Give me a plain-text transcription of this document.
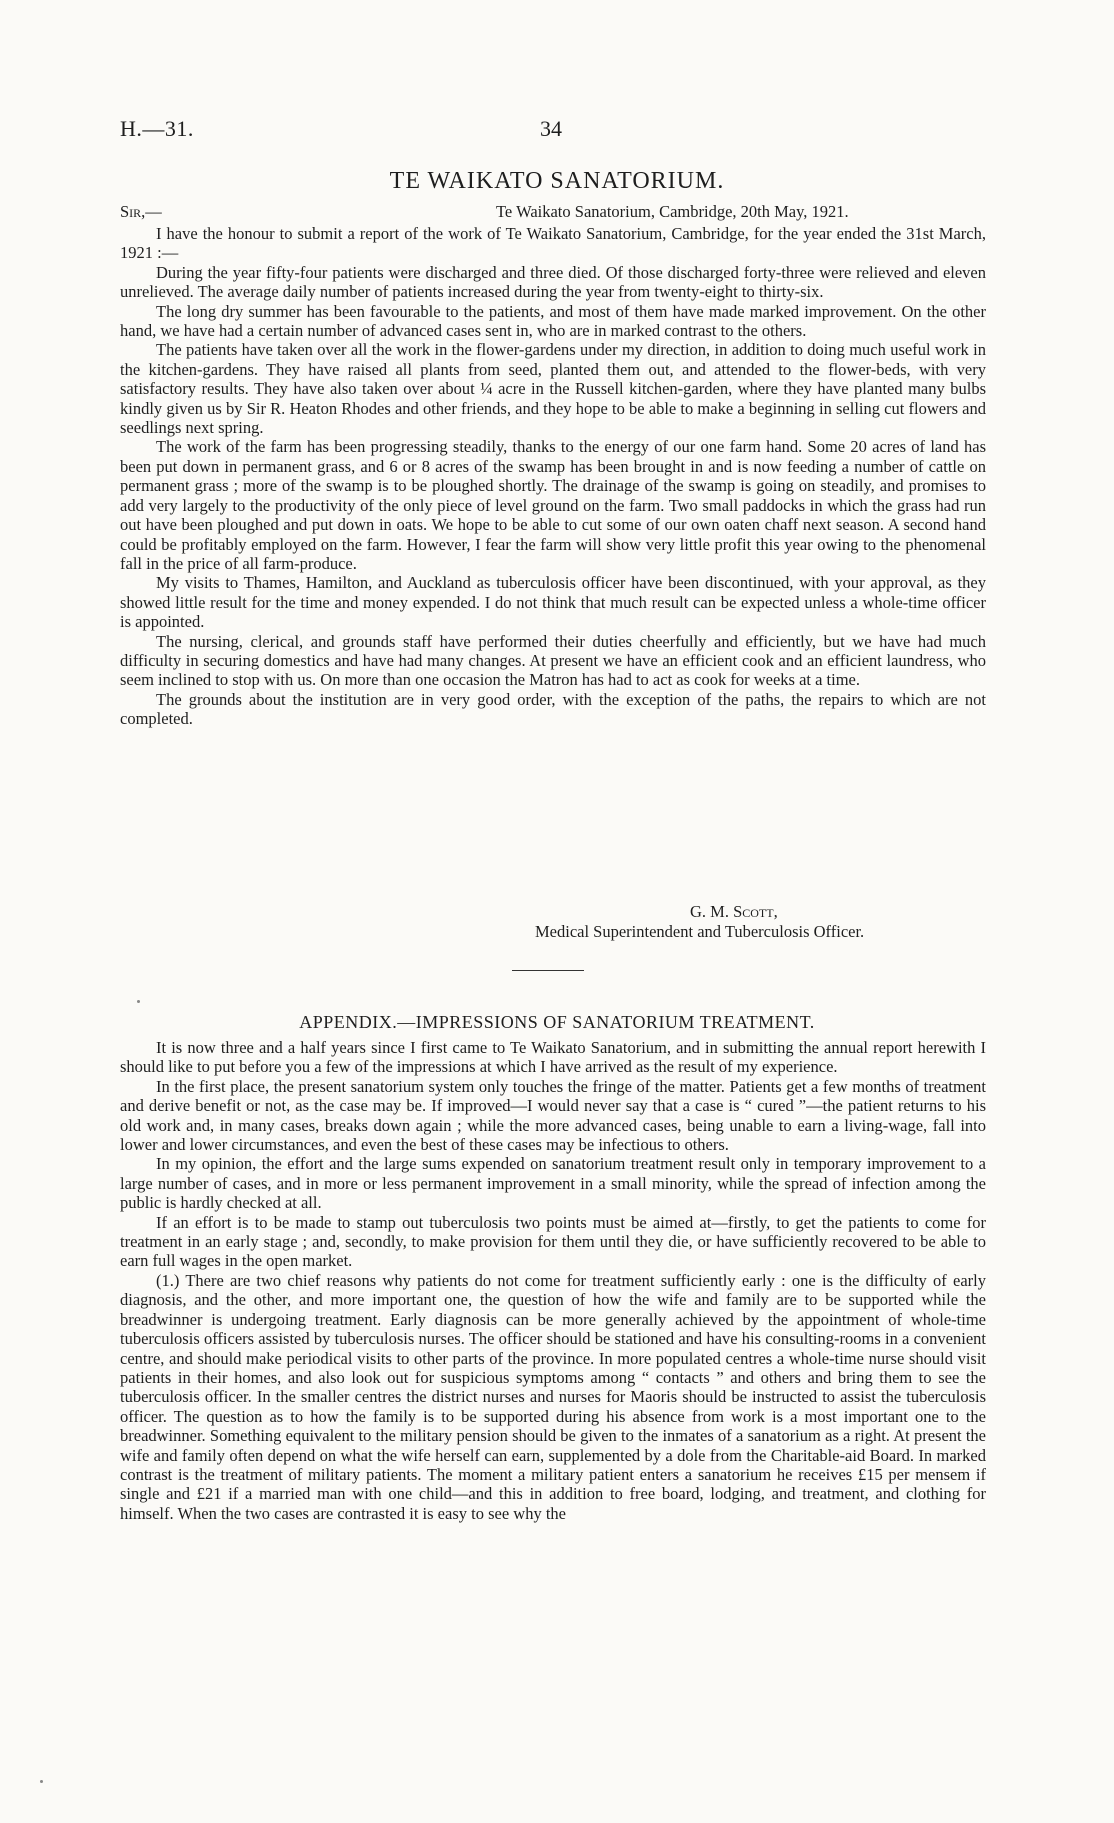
H.—31.	34
TE WAIKATO SANATORIUM.
Sir,—	Te Waikato Sanatorium, Cambridge, 20th May, 1921.

I have the honour to submit a report of the work of Te Waikato Sanatorium, Cambridge, for the year ended the 31st March, 1921 :—

During the year fifty-four patients were discharged and three died. Of those discharged forty-three were relieved and eleven unrelieved. The average daily number of patients increased during the year from twenty-eight to thirty-six.

The long dry summer has been favourable to the patients, and most of them have made marked improvement. On the other hand, we have had a certain number of advanced cases sent in, who are in marked contrast to the others.

The patients have taken over all the work in the flower-gardens under my direction, in addition to doing much useful work in the kitchen-gardens. They have raised all plants from seed, planted them out, and attended to the flower-beds, with very satisfactory results. They have also taken over about ¼ acre in the Russell kitchen-garden, where they have planted many bulbs kindly given us by Sir R. Heaton Rhodes and other friends, and they hope to be able to make a beginning in selling cut flowers and seedlings next spring.

The work of the farm has been progressing steadily, thanks to the energy of our one farm hand. Some 20 acres of land has been put down in permanent grass, and 6 or 8 acres of the swamp has been brought in and is now feeding a number of cattle on permanent grass ; more of the swamp is to be ploughed shortly. The drainage of the swamp is going on steadily, and promises to add very largely to the productivity of the only piece of level ground on the farm. Two small paddocks in which the grass had run out have been ploughed and put down in oats. We hope to be able to cut some of our own oaten chaff next season. A second hand could be profitably employed on the farm. However, I fear the farm will show very little profit this year owing to the phenomenal fall in the price of all farm-produce.

My visits to Thames, Hamilton, and Auckland as tuberculosis officer have been discontinued, with your approval, as they showed little result for the time and money expended. I do not think that much result can be expected unless a whole-time officer is appointed.

The nursing, clerical, and grounds staff have performed their duties cheerfully and efficiently, but we have had much difficulty in securing domestics and have had many changes. At present we have an efficient cook and an efficient laundress, who seem inclined to stop with us. On more than one occasion the Matron has had to act as cook for weeks at a time.

The grounds about the institution are in very good order, with the exception of the paths, the repairs to which are not completed.

G. M. Scott,
Medical Superintendent and Tuberculosis Officer.
APPENDIX.—IMPRESSIONS OF SANATORIUM TREATMENT.

It is now three and a half years since I first came to Te Waikato Sanatorium, and in submitting the annual report herewith I should like to put before you a few of the impressions at which I have arrived as the result of my experience.

In the first place, the present sanatorium system only touches the fringe of the matter. Patients get a few months of treatment and derive benefit or not, as the case may be. If improved—I would never say that a case is “ cured ”—the patient returns to his old work and, in many cases, breaks down again ; while the more advanced cases, being unable to earn a living-wage, fall into lower and lower circumstances, and even the best of these cases may be infectious to others.

In my opinion, the effort and the large sums expended on sanatorium treatment result only in temporary improvement to a large number of cases, and in more or less permanent improvement in a small minority, while the spread of infection among the public is hardly checked at all.

If an effort is to be made to stamp out tuberculosis two points must be aimed at—firstly, to get the patients to come for treatment in an early stage ; and, secondly, to make provision for them until they die, or have sufficiently recovered to be able to earn full wages in the open market.

(1.) There are two chief reasons why patients do not come for treatment sufficiently early : one is the difficulty of early diagnosis, and the other, and more important one, the question of how the wife and family are to be supported while the breadwinner is undergoing treatment. Early diagnosis can be more generally achieved by the appointment of whole-time tuberculosis officers assisted by tuberculosis nurses. The officer should be stationed and have his consulting-rooms in a convenient centre, and should make periodical visits to other parts of the province. In more populated centres a whole-time nurse should visit patients in their homes, and also look out for suspicious symptoms among “ contacts ” and others and bring them to see the tuberculosis officer. In the smaller centres the district nurses and nurses for Maoris should be instructed to assist the tuberculosis officer. The question as to how the family is to be supported during his absence from work is a most important one to the breadwinner. Something equivalent to the military pension should be given to the inmates of a sanatorium as a right. At present the wife and family often depend on what the wife herself can earn, supplemented by a dole from the Charitable-aid Board. In marked contrast is the treatment of military patients. The moment a military patient enters a sanatorium he receives £15 per mensem if single and £21 if a married man with one child—and this in addition to free board, lodging, and treatment, and clothing for himself. When the two cases are contrasted it is easy to see why the
